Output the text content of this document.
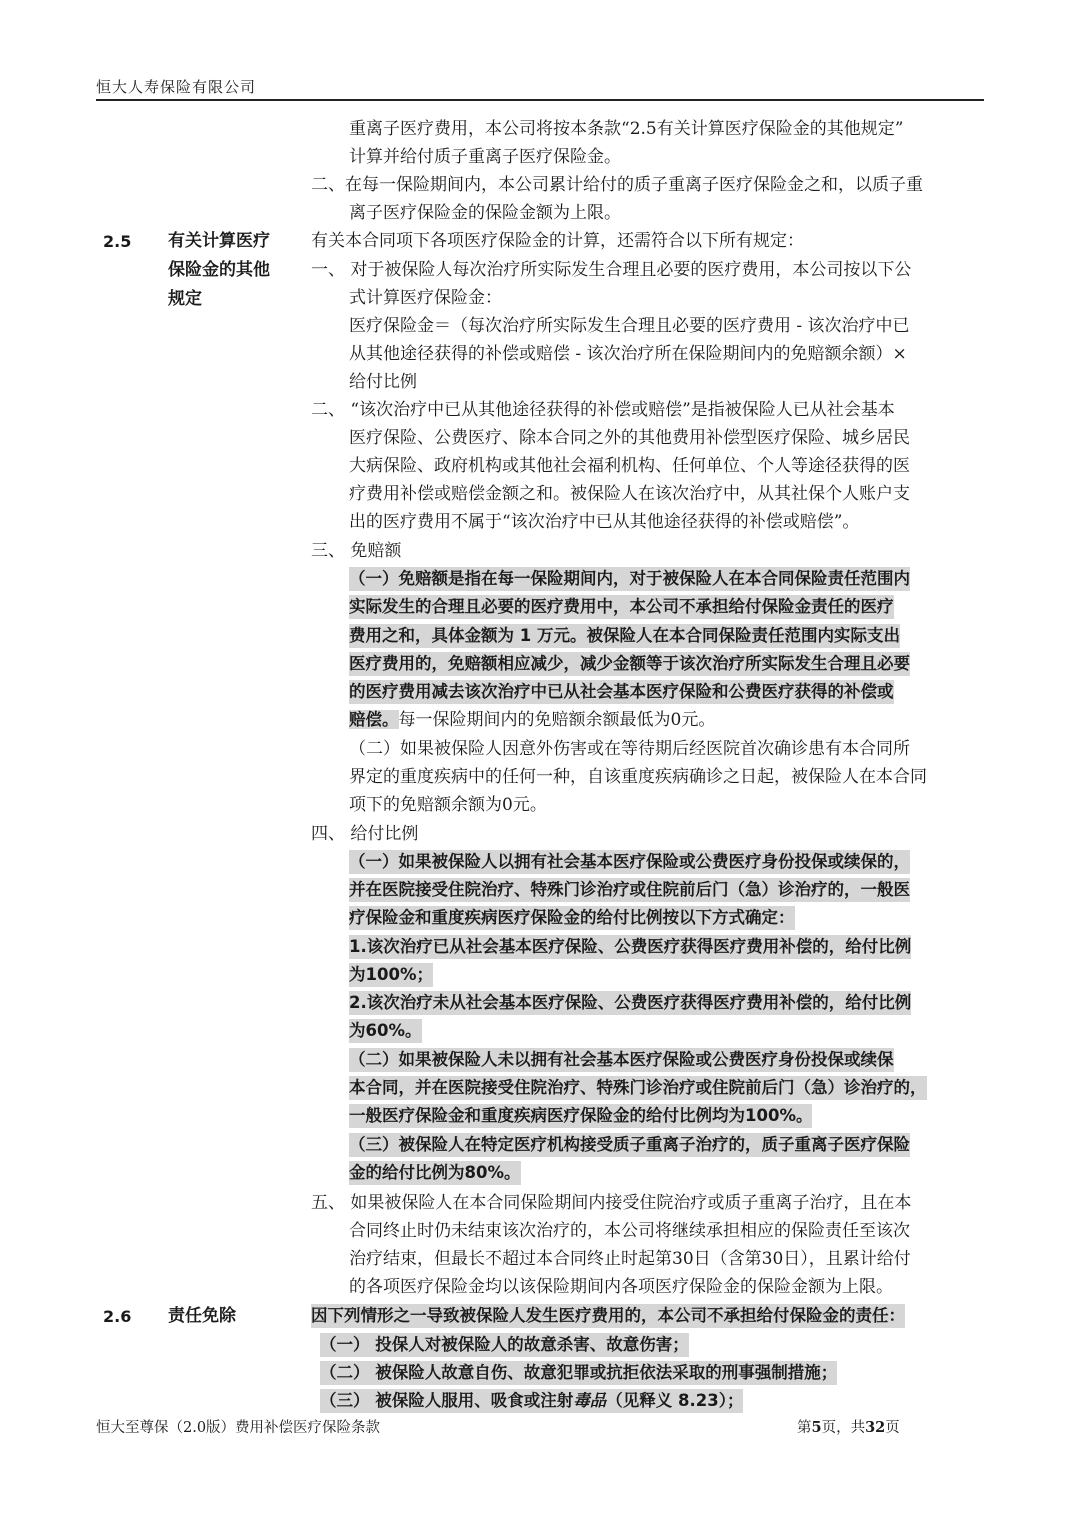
恒大人寿保险有限公司
重离子医疗费用，本公司将按本条款“2.5有关计算医疗保险金的其他规定”
计算并给付质子重离子医疗保险金。
二、在每一保险期间内，本公司累计给付的质子重离子医疗保险金之和，以质子重
离子医疗保险金的保险金额为上限。
2.5 有关计算医疗
保险金的其他
规定
有关本合同项下各项医疗保险金的计算，还需符合以下所有规定：
一、 对于被保险人每次治疗所实际发生合理且必要的医疗费用，本公司按以下公
式计算医疗保险金：
医疗保险金＝（每次治疗所实际发生合理且必要的医疗费用 - 该次治疗中已
从其他途径获得的补偿或赔偿 - 该次治疗所在保险期间内的免赔额余额）×
给付比例
二、 “该次治疗中已从其他途径获得的补偿或赔偿”是指被保险人已从社会基本
医疗保险、公费医疗、除本合同之外的其他费用补偿型医疗保险、城乡居民
大病保险、政府机构或其他社会福利机构、任何单位、个人等途径获得的医
疗费用补偿或赔偿金额之和。被保险人在该次治疗中，从其社保个人账户支
出的医疗费用不属于“该次治疗中已从其他途径获得的补偿或赔偿”。
三、 免赔额
（一）免赔额是指在每一保险期间内，对于被保险人在本合同保险责任范围内
实际发生的合理且必要的医疗费用中，本公司不承担给付保险金责任的医疗
费用之和，具体金额为 1 万元。被保险人在本合同保险责任范围内实际支出
医疗费用的，免赔额相应减少，减少金额等于该次治疗所实际发生合理且必要
的医疗费用减去该次治疗中已从社会基本医疗保险和公费医疗获得的补偿或
赔偿。每一保险期间内的免赔额余额最低为0元。
（二）如果被保险人因意外伤害或在等待期后经医院首次确诊患有本合同所
界定的重度疾病中的任何一种，自该重度疾病确诊之日起，被保险人在本合同
项下的免赔额余额为0元。
四、 给付比例
（一）如果被保险人以拥有社会基本医疗保险或公费医疗身份投保或续保的，
并在医院接受住院治疗、特殊门诊治疗或住院前后门（急）诊治疗的，一般医
疗保险金和重度疾病医疗保险金的给付比例按以下方式确定：
1.该次治疗已从社会基本医疗保险、公费医疗获得医疗费用补偿的，给付比例
为100%；
2.该次治疗未从社会基本医疗保险、公费医疗获得医疗费用补偿的，给付比例
为60%。
（二）如果被保险人未以拥有社会基本医疗保险或公费医疗身份投保或续保
本合同，并在医院接受住院治疗、特殊门诊治疗或住院前后门（急）诊治疗的，
一般医疗保险金和重度疾病医疗保险金的给付比例均为100%。
（三）被保险人在特定医疗机构接受质子重离子治疗的，质子重离子医疗保险
金的给付比例为80%。
五、 如果被保险人在本合同保险期间内接受住院治疗或质子重离子治疗，且在本
合同终止时仍未结束该次治疗的，本公司将继续承担相应的保险责任至该次
治疗结束，但最长不超过本合同终止时起第30日（含第30日），且累计给付
的各项医疗保险金均以该保险期间内各项医疗保险金的保险金额为上限。
2.6 责任免除	因下列情形之一导致被保险人发生医疗费用的，本公司不承担给付保险金的责任：
（一） 投保人对被保险人的故意杀害、故意伤害；
（二） 被保险人故意自伤、故意犯罪或抗拒依法采取的刑事强制措施；
（三） 被保险人服用、吸食或注射毒品（见释义 8.23）；
恒大至尊保（2.0版）费用补偿医疗保险条款	第5页，共32页
